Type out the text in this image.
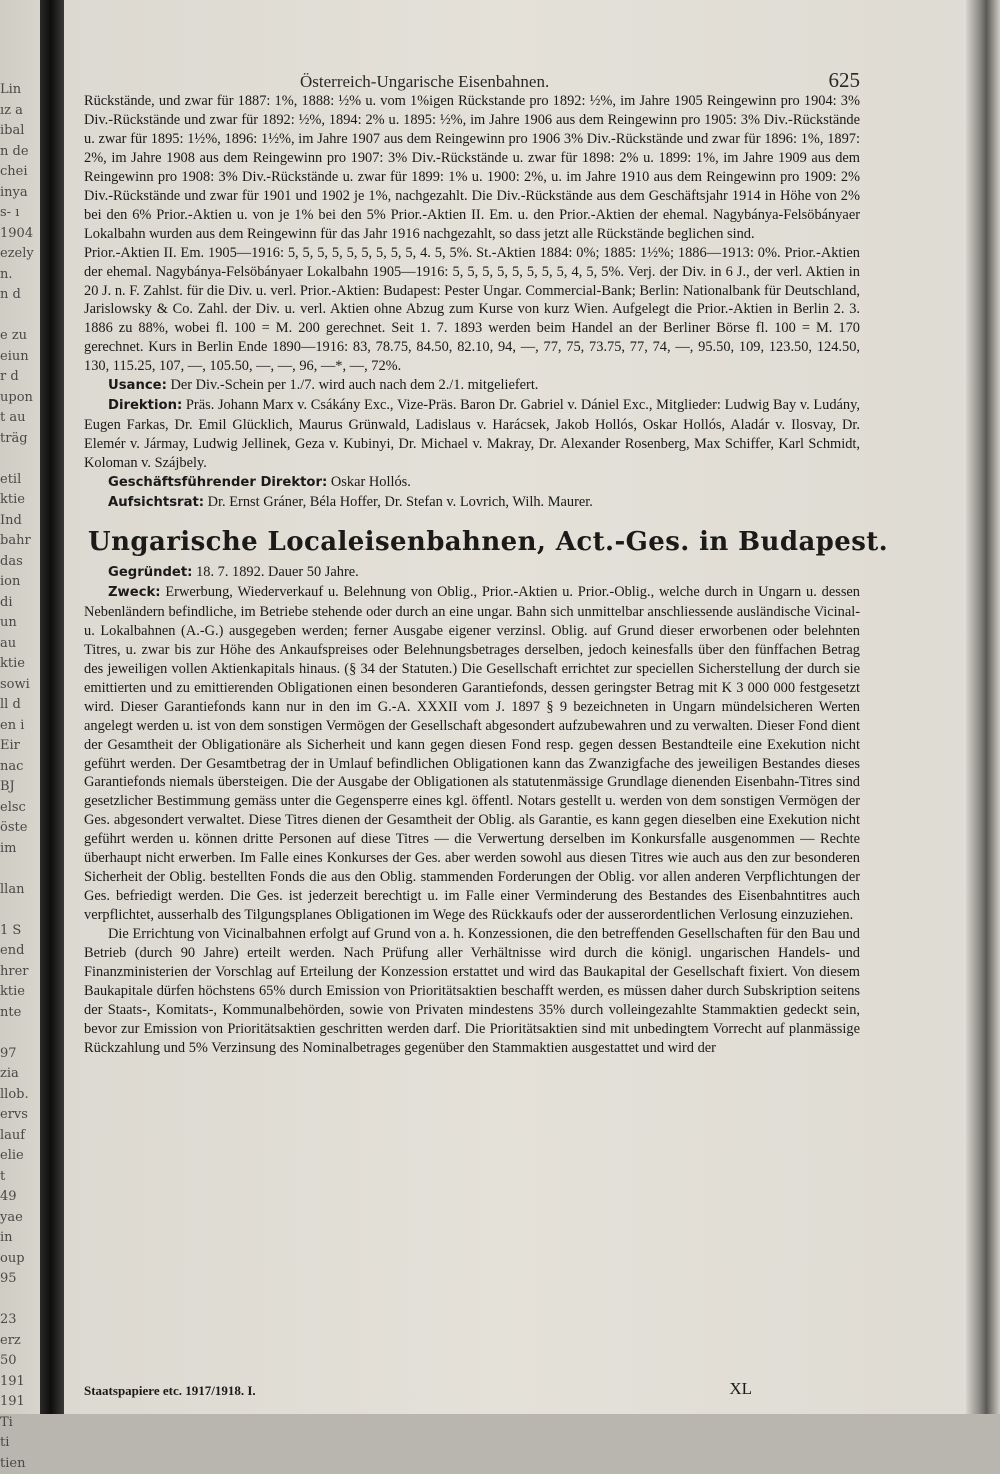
Lin
ız a
ibal
n de
chei
inya
s- ı
1904
ezely
n.
n d

e zu
eiun
r d
upon
t au
träg

etil
ktie
Ind
bahr
das
ion
di
un
au
ktie
sowi
ll d
en i
Eir
nac
BJ
elsc
öste
im

llan

1 S
end
hrer
ktie
nte

97
zia
llob.
ervs
lauf
elie
t
49
yae
in
oup
95

23
erz
50
191
191
Ti
ti
tien
Österreich-Ungarische Eisenbahnen.	625

Rückstände, und zwar für 1887: 1%, 1888: ½% u. vom 1%igen Rückstande pro 1892: ½%, im Jahre 1905 Reingewinn pro 1904: 3% Div.-Rückstände und zwar für 1892: ½%, 1894: 2% u. 1895: ½%, im Jahre 1906 aus dem Reingewinn pro 1905: 3% Div.-Rückstände u. zwar für 1895: 1½%, 1896: 1½%, im Jahre 1907 aus dem Reingewinn pro 1906 3% Div.-Rückstände und zwar für 1896: 1%, 1897: 2%, im Jahre 1908 aus dem Reingewinn pro 1907: 3% Div.-Rückstände u. zwar für 1898: 2% u. 1899: 1%, im Jahre 1909 aus dem Reingewinn pro 1908: 3% Div.-Rückstände u. zwar für 1899: 1% u. 1900: 2%, u. im Jahre 1910 aus dem Reingewinn pro 1909: 2% Div.-Rückstände und zwar für 1901 und 1902 je 1%, nachgezahlt. Die Div.-Rückstände aus dem Geschäftsjahr 1914 in Höhe von 2% bei den 6% Prior.-Aktien u. von je 1% bei den 5% Prior.-Aktien II. Em. u. den Prior.-Aktien der ehemal. Nagybánya-Felsöbányaer Lokalbahn wurden aus dem Reingewinn für das Jahr 1916 nachgezahlt, so dass jetzt alle Rückstände beglichen sind.

Prior.-Aktien II. Em. 1905—1916: 5, 5, 5, 5, 5, 5, 5, 5, 5, 4. 5, 5%. St.-Aktien 1884: 0%; 1885: 1½%; 1886—1913: 0%. Prior.-Aktien der ehemal. Nagybánya-Felsöbányaer Lokalbahn 1905—1916: 5, 5, 5, 5, 5, 5, 5, 5, 4, 5, 5%. Verj. der Div. in 6 J., der verl. Aktien in 20 J. n. F. Zahlst. für die Div. u. verl. Prior.-Aktien: Budapest: Pester Ungar. Commercial-Bank; Berlin: Nationalbank für Deutschland, Jarislowsky & Co. Zahl. der Div. u. verl. Aktien ohne Abzug zum Kurse von kurz Wien. Aufgelegt die Prior.-Aktien in Berlin 2. 3. 1886 zu 88%, wobei fl. 100 = M. 200 gerechnet. Seit 1. 7. 1893 werden beim Handel an der Berliner Börse fl. 100 = M. 170 gerechnet. Kurs in Berlin Ende 1890—1916: 83, 78.75, 84.50, 82.10, 94, —, 77, 75, 73.75, 77, 74, —, 95.50, 109, 123.50, 124.50, 130, 115.25, 107, —, 105.50, —, —, 96, —*, —, 72%.

Usance: Der Div.-Schein per 1./7. wird auch nach dem 2./1. mitgeliefert.

Direktion: Präs. Johann Marx v. Csákány Exc., Vize-Präs. Baron Dr. Gabriel v. Dániel Exc., Mitglieder: Ludwig Bay v. Ludány, Eugen Farkas, Dr. Emil Glücklich, Maurus Grünwald, Ladislaus v. Harácsek, Jakob Hollós, Oskar Hollós, Aladár v. Ilosvay, Dr. Elemér v. Jármay, Ludwig Jellinek, Geza v. Kubinyi, Dr. Michael v. Makray, Dr. Alexander Rosenberg, Max Schiffer, Karl Schmidt, Koloman v. Szájbely.

Geschäftsführender Direktor: Oskar Hollós.

Aufsichtsrat: Dr. Ernst Gráner, Béla Hoffer, Dr. Stefan v. Lovrich, Wilh. Maurer.

Ungarische Localeisenbahnen, Act.-Ges. in Budapest.

Gegründet: 18. 7. 1892. Dauer 50 Jahre.

Zweck: Erwerbung, Wiederverkauf u. Belehnung von Oblig., Prior.-Aktien u. Prior.-Oblig., welche durch in Ungarn u. dessen Nebenländern befindliche, im Betriebe stehende oder durch an eine ungar. Bahn sich unmittelbar anschliessende ausländische Vicinal- u. Lokalbahnen (A.-G.) ausgegeben werden; ferner Ausgabe eigener verzinsl. Oblig. auf Grund dieser erworbenen oder belehnten Titres, u. zwar bis zur Höhe des Ankaufspreises oder Belehnungsbetrages derselben, jedoch keinesfalls über den fünffachen Betrag des jeweiligen vollen Aktienkapitals hinaus. (§ 34 der Statuten.) Die Gesellschaft errichtet zur speciellen Sicherstellung der durch sie emittierten und zu emittierenden Obligationen einen besonderen Garantiefonds, dessen geringster Betrag mit K 3 000 000 festgesetzt wird. Dieser Garantiefonds kann nur in den im G.-A. XXXII vom J. 1897 § 9 bezeichneten in Ungarn mündelsicheren Werten angelegt werden u. ist von dem sonstigen Vermögen der Gesellschaft abgesondert aufzubewahren und zu verwalten. Dieser Fond dient der Gesamtheit der Obligationäre als Sicherheit und kann gegen diesen Fond resp. gegen dessen Bestandteile eine Exekution nicht geführt werden. Der Gesamtbetrag der in Umlauf befindlichen Obligationen kann das Zwanzigfache des jeweiligen Bestandes dieses Garantiefonds niemals übersteigen. Die der Ausgabe der Obligationen als statutenmässige Grundlage dienenden Eisenbahn-Titres sind gesetzlicher Bestimmung gemäss unter die Gegensperre eines kgl. öffentl. Notars gestellt u. werden von dem sonstigen Vermögen der Ges. abgesondert verwaltet. Diese Titres dienen der Gesamtheit der Oblig. als Garantie, es kann gegen dieselben eine Exekution nicht geführt werden u. können dritte Personen auf diese Titres — die Verwertung derselben im Konkursfalle ausgenommen — Rechte überhaupt nicht erwerben. Im Falle eines Konkurses der Ges. aber werden sowohl aus diesen Titres wie auch aus den zur besonderen Sicherheit der Oblig. bestellten Fonds die aus den Oblig. stammenden Forderungen der Oblig. vor allen anderen Verpflichtungen der Ges. befriedigt werden. Die Ges. ist jederzeit berechtigt u. im Falle einer Verminderung des Bestandes des Eisenbahntitres auch verpflichtet, ausserhalb des Tilgungsplanes Obligationen im Wege des Rückkaufs oder der ausserordentlichen Verlosung einzuziehen.

Die Errichtung von Vicinalbahnen erfolgt auf Grund von a. h. Konzessionen, die den betreffenden Gesellschaften für den Bau und Betrieb (durch 90 Jahre) erteilt werden. Nach Prüfung aller Verhältnisse wird durch die königl. ungarischen Handels- und Finanzministerien der Vorschlag auf Erteilung der Konzession erstattet und wird das Baukapital der Gesellschaft fixiert. Von diesem Baukapitale dürfen höchstens 65% durch Emission von Prioritätsaktien beschafft werden, es müssen daher durch Subskription seitens der Staats-, Komitats-, Kommunalbehörden, sowie von Privaten mindestens 35% durch volleingezahlte Stammaktien gedeckt sein, bevor zur Emission von Prioritätsaktien geschritten werden darf. Die Prioritätsaktien sind mit unbedingtem Vorrecht auf planmässige Rückzahlung und 5% Verzinsung des Nominalbetrages gegenüber den Stammaktien ausgestattet und wird der

Staatspapiere etc. 1917/1918. I.	XL
